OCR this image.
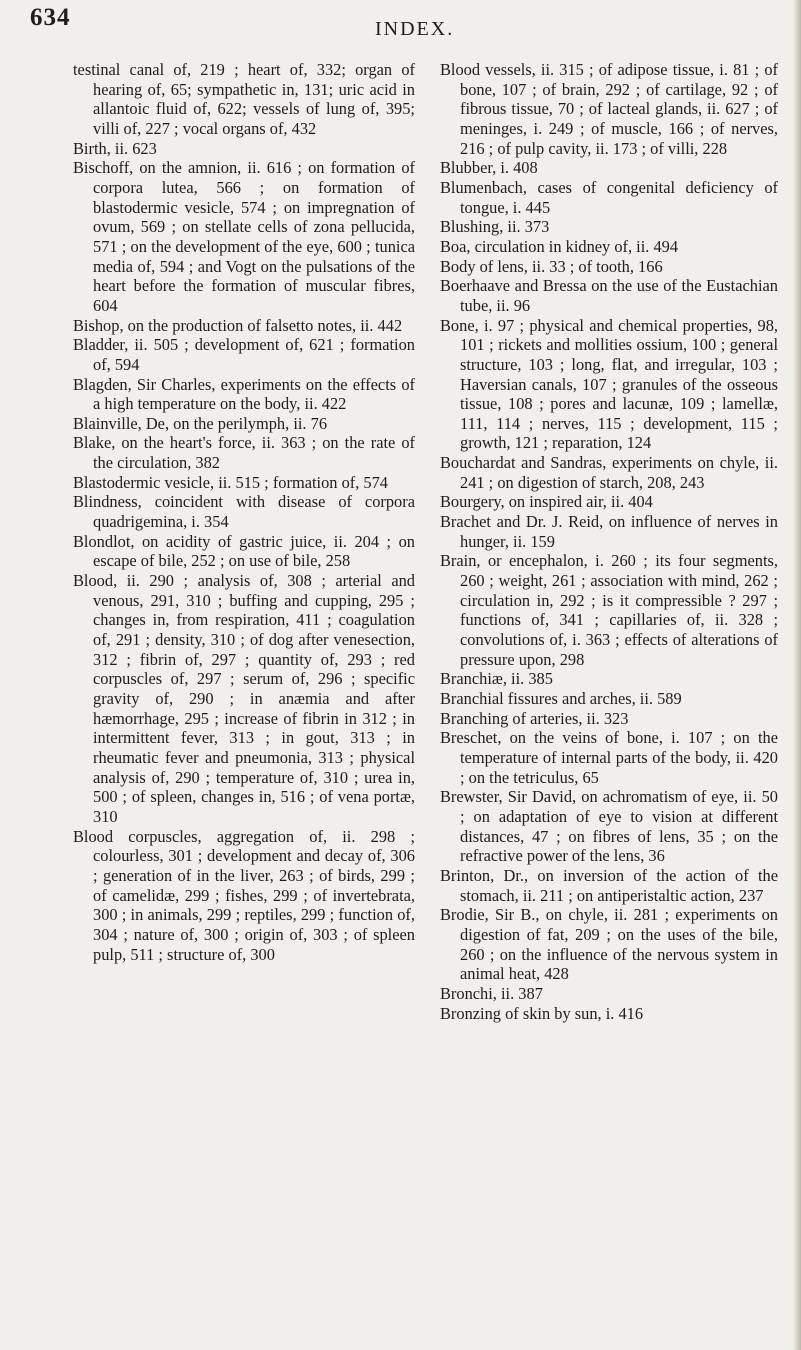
634	INDEX.

testinal canal of, 219 ; heart of, 332; organ of hearing of, 65; sympathetic in, 131; uric acid in allantoic fluid of, 622; vessels of lung of, 395; villi of, 227 ; vocal organs of, 432

Birth, ii. 623

Bischoff, on the amnion, ii. 616 ; on formation of corpora lutea, 566 ; on formation of blastodermic vesicle, 574 ; on impregnation of ovum, 569 ; on stellate cells of zona pellucida, 571 ; on the development of the eye, 600 ; tunica media of, 594 ; and Vogt on the pulsations of the heart before the formation of muscular fibres, 604

Bishop, on the production of falsetto notes, ii. 442

Bladder, ii. 505 ; development of, 621 ; formation of, 594

Blagden, Sir Charles, experiments on the effects of a high temperature on the body, ii. 422

Blainville, De, on the perilymph, ii. 76

Blake, on the heart's force, ii. 363 ; on the rate of the circulation, 382

Blastodermic vesicle, ii. 515 ; formation of, 574

Blindness, coincident with disease of corpora quadrigemina, i. 354

Blondlot, on acidity of gastric juice, ii. 204 ; on escape of bile, 252 ; on use of bile, 258

Blood, ii. 290 ; analysis of, 308 ; arterial and venous, 291, 310 ; buffing and cupping, 295 ; changes in, from respiration, 411 ; coagulation of, 291 ; density, 310 ; of dog after venesection, 312 ; fibrin of, 297 ; quantity of, 293 ; red corpuscles of, 297 ; serum of, 296 ; specific gravity of, 290 ; in anæmia and after hæmorrhage, 295 ; increase of fibrin in 312 ; in intermittent fever, 313 ; in gout, 313 ; in rheumatic fever and pneumonia, 313 ; physical analysis of, 290 ; temperature of, 310 ; urea in, 500 ; of spleen, changes in, 516 ; of vena portæ, 310

Blood corpuscles, aggregation of, ii. 298 ; colourless, 301 ; development and decay of, 306 ; generation of in the liver, 263 ; of birds, 299 ; of camelidæ, 299 ; fishes, 299 ; of invertebrata, 300 ; in animals, 299 ; reptiles, 299 ; function of, 304 ; nature of, 300 ; origin of, 303 ; of spleen pulp, 511 ; structure of, 300

Blood vessels, ii. 315 ; of adipose tissue, i. 81 ; of bone, 107 ; of brain, 292 ; of cartilage, 92 ; of fibrous tissue, 70 ; of lacteal glands, ii. 627 ; of meninges, i. 249 ; of muscle, 166 ; of nerves, 216 ; of pulp cavity, ii. 173 ; of villi, 228

Blubber, i. 408

Blumenbach, cases of congenital deficiency of tongue, i. 445

Blushing, ii. 373

Boa, circulation in kidney of, ii. 494

Body of lens, ii. 33 ; of tooth, 166

Boerhaave and Bressa on the use of the Eustachian tube, ii. 96

Bone, i. 97 ; physical and chemical properties, 98, 101 ; rickets and mollities ossium, 100 ; general structure, 103 ; long, flat, and irregular, 103 ; Haversian canals, 107 ; granules of the osseous tissue, 108 ; pores and lacunæ, 109 ; lamellæ, 111, 114 ; nerves, 115 ; development, 115 ; growth, 121 ; reparation, 124

Bouchardat and Sandras, experiments on chyle, ii. 241 ; on digestion of starch, 208, 243

Bourgery, on inspired air, ii. 404

Brachet and Dr. J. Reid, on influence of nerves in hunger, ii. 159

Brain, or encephalon, i. 260 ; its four segments, 260 ; weight, 261 ; association with mind, 262 ; circulation in, 292 ; is it compressible ? 297 ; functions of, 341 ; capillaries of, ii. 328 ; convolutions of, i. 363 ; effects of alterations of pressure upon, 298

Branchiæ, ii. 385

Branchial fissures and arches, ii. 589

Branching of arteries, ii. 323

Breschet, on the veins of bone, i. 107 ; on the temperature of internal parts of the body, ii. 420 ; on the tetriculus, 65

Brewster, Sir David, on achromatism of eye, ii. 50 ; on adaptation of eye to vision at different distances, 47 ; on fibres of lens, 35 ; on the refractive power of the lens, 36

Brinton, Dr., on inversion of the action of the stomach, ii. 211 ; on antiperistaltic action, 237

Brodie, Sir B., on chyle, ii. 281 ; experiments on digestion of fat, 209 ; on the uses of the bile, 260 ; on the influence of the nervous system in animal heat, 428

Bronchi, ii. 387

Bronzing of skin by sun, i. 416
